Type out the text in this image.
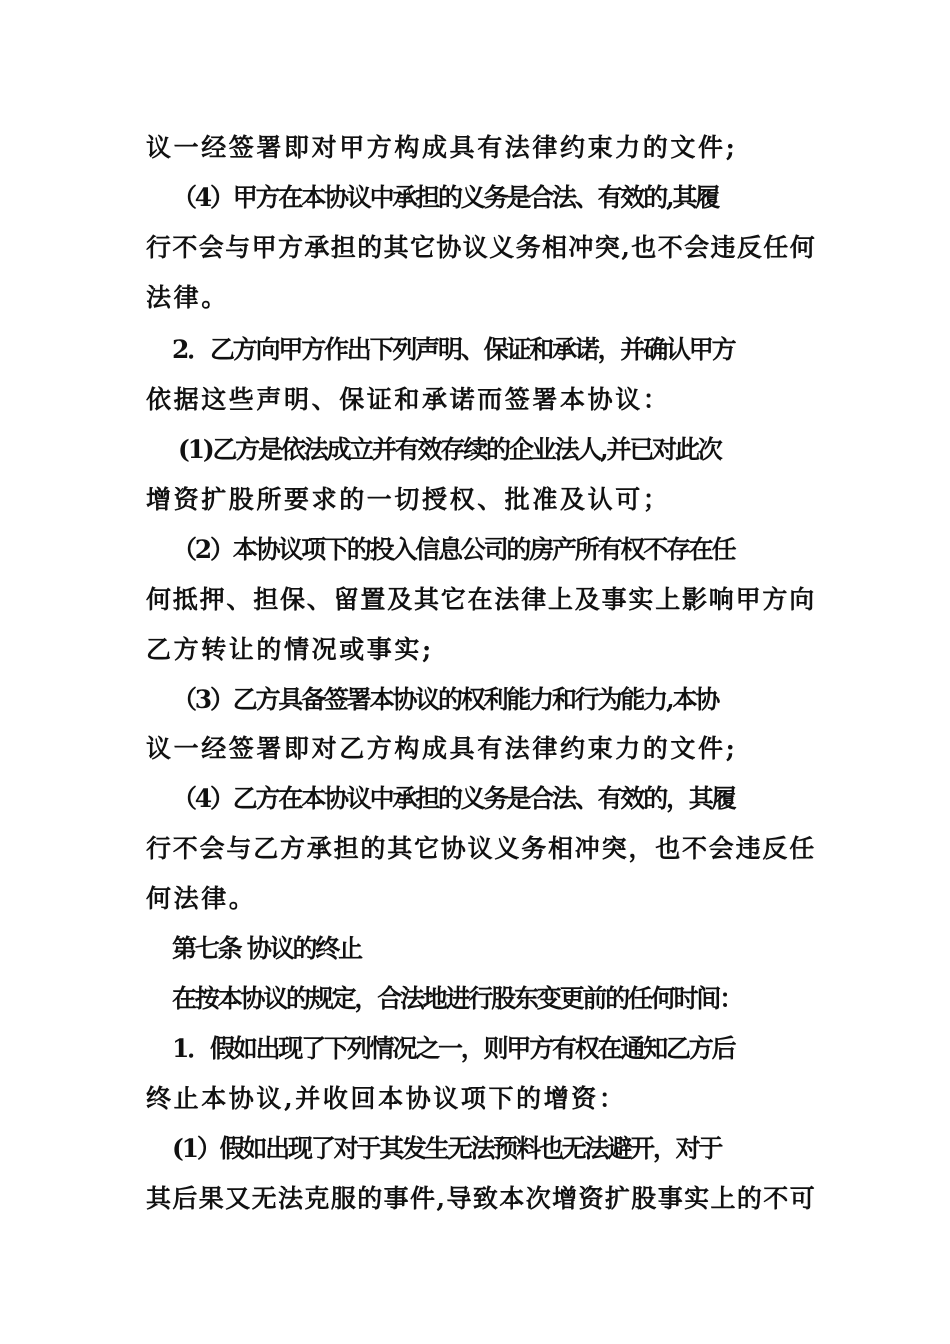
议一经签署即对甲方构成具有法律约束力的文件;
（4）甲方在本协议中承担的义务是合法、有效的,其履
行不会与甲方承担的其它协议义务相冲突,也不会违反任何
法律。
2．乙方向甲方作出下列声明、保证和承诺，并确认甲方
依据这些声明、保证和承诺而签署本协议：
(1)乙方是依法成立并有效存续的企业法人,并已对此次
增资扩股所要求的一切授权、批准及认可；
（2）本协议项下的投入信息公司的房产所有权不存在任
何抵押、担保、留置及其它在法律上及事实上影响甲方向
乙方转让的情况或事实;
（3）乙方具备签署本协议的权利能力和行为能力,本协
议一经签署即对乙方构成具有法律约束力的文件;
（4）乙方在本协议中承担的义务是合法、有效的，其履
行不会与乙方承担的其它协议义务相冲突，也不会违反任
何法律。
第七条 协议的终止
在按本协议的规定，合法地进行股东变更前的任何时间：
1．假如出现了下列情况之一，则甲方有权在通知乙方后
终止本协议,并收回本协议项下的增资：
(1）假如出现了对于其发生无法预料也无法避开，对于
其后果又无法克服的事件,导致本次增资扩股事实上的不可
